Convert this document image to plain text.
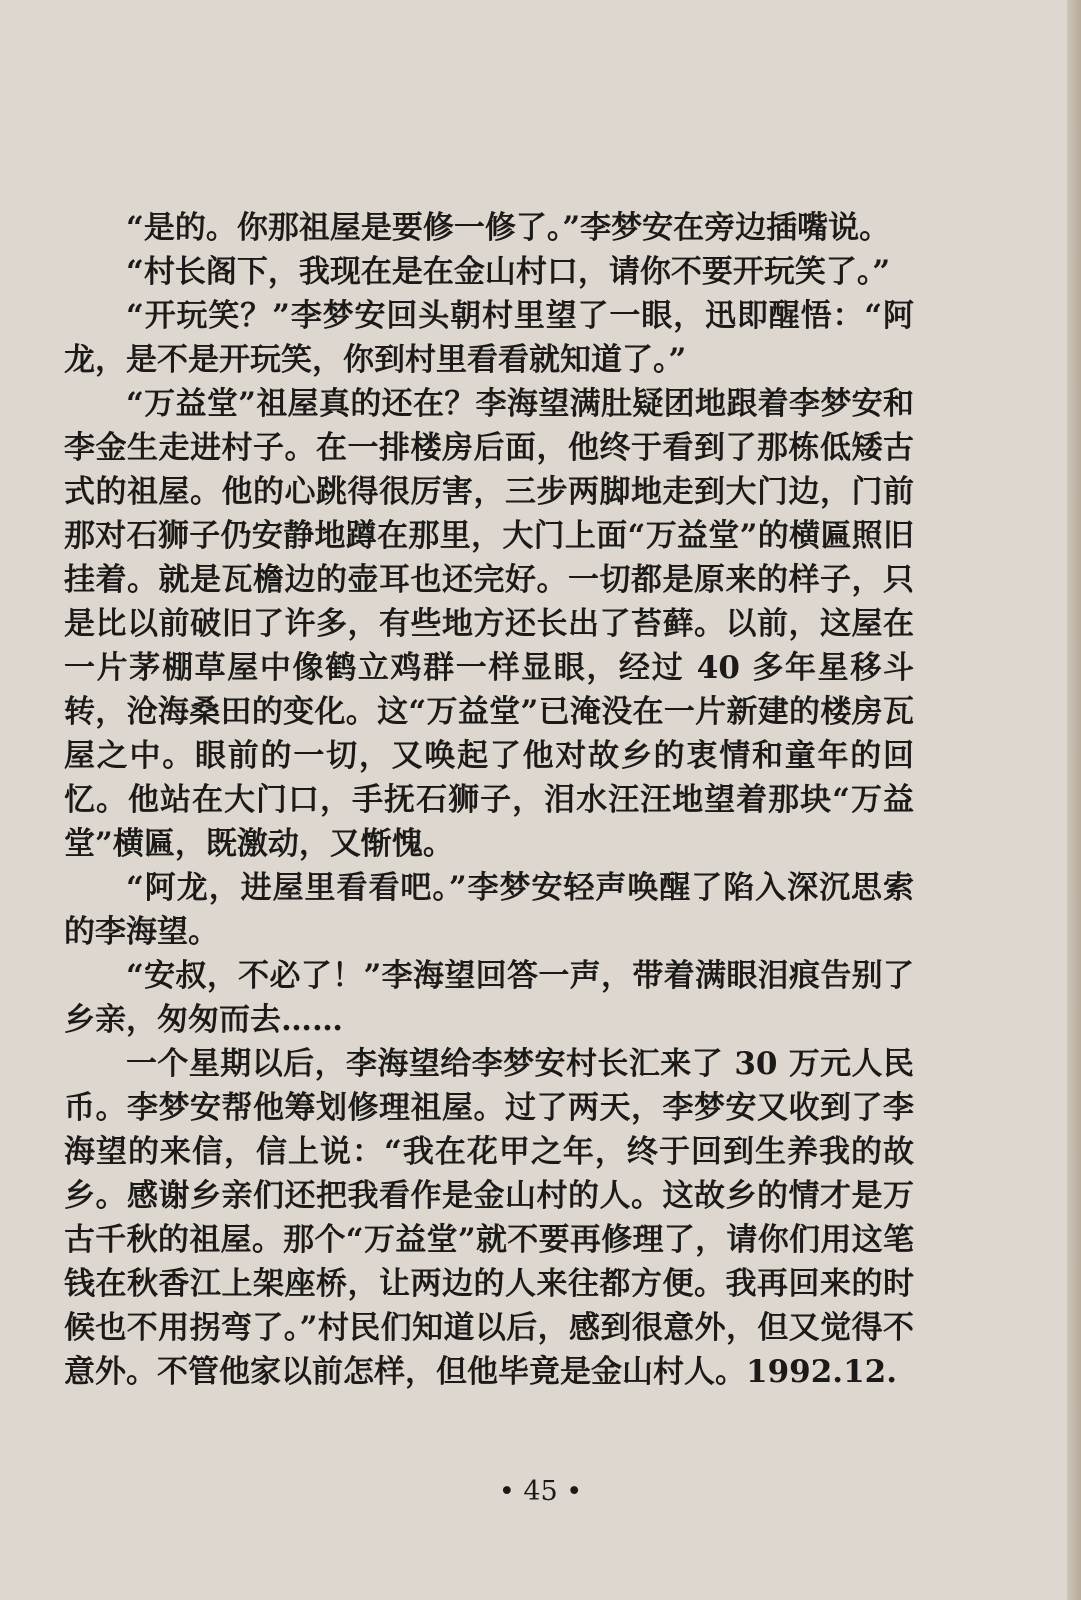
“是的。你那祖屋是要修一修了。”李梦安在旁边插嘴说。

“村长阁下，我现在是在金山村口，请你不要开玩笑了。”

“开玩笑？”李梦安回头朝村里望了一眼，迅即醒悟：“阿龙，是不是开玩笑，你到村里看看就知道了。”

“万益堂”祖屋真的还在？李海望满肚疑团地跟着李梦安和李金生走进村子。在一排楼房后面，他终于看到了那栋低矮古式的祖屋。他的心跳得很厉害，三步两脚地走到大门边，门前那对石狮子仍安静地蹲在那里，大门上面“万益堂”的横匾照旧挂着。就是瓦檐边的壶耳也还完好。一切都是原来的样子，只是比以前破旧了许多，有些地方还长出了苔藓。以前，这屋在一片茅棚草屋中像鹤立鸡群一样显眼，经过 40 多年星移斗转，沧海桑田的变化。这“万益堂”已淹没在一片新建的楼房瓦屋之中。眼前的一切，又唤起了他对故乡的衷情和童年的回忆。他站在大门口，手抚石狮子，泪水汪汪地望着那块“万益堂”横匾，既激动，又惭愧。

“阿龙，进屋里看看吧。”李梦安轻声唤醒了陷入深沉思索的李海望。

“安叔，不必了！”李海望回答一声，带着满眼泪痕告别了乡亲，匆匆而去……

一个星期以后，李海望给李梦安村长汇来了 30 万元人民币。李梦安帮他筹划修理祖屋。过了两天，李梦安又收到了李海望的来信，信上说：“我在花甲之年，终于回到生养我的故乡。感谢乡亲们还把我看作是金山村的人。这故乡的情才是万古千秋的祖屋。那个“万益堂”就不要再修理了，请你们用这笔钱在秋香江上架座桥，让两边的人来往都方便。我再回来的时候也不用拐弯了。”村民们知道以后，感到很意外，但又觉得不意外。不管他家以前怎样，但他毕竟是金山村人。1992.12.

• 45 •
